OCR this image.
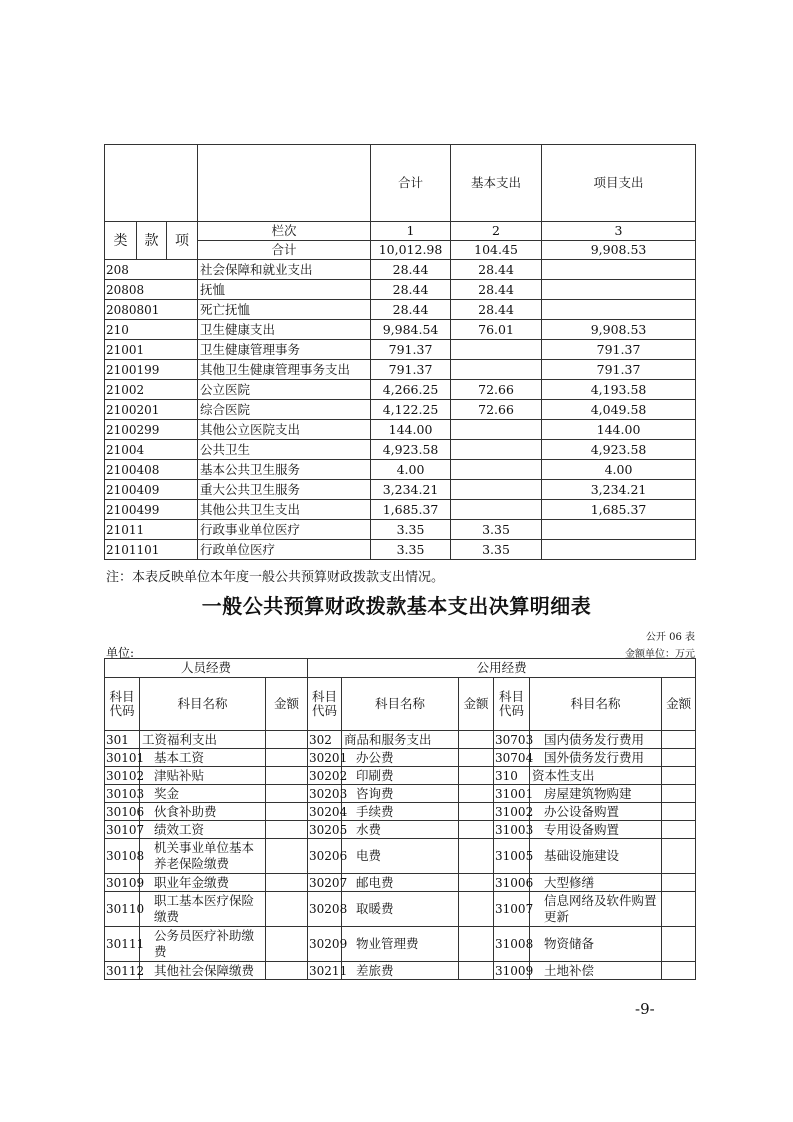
				合计	基本支出	项目支出
类	款	项	栏次	1	2	3
			合计	10,012.98	104.45	9,908.53
208			社会保障和就业支出	28.44	28.44	
20808			抚恤	28.44	28.44	
2080801			死亡抚恤	28.44	28.44	
210			卫生健康支出	9,984.54	76.01	9,908.53
21001			卫生健康管理事务	791.37		791.37
2100199			其他卫生健康管理事务支出	791.37		791.37
21002			公立医院	4,266.25	72.66	4,193.58
2100201			综合医院	4,122.25	72.66	4,049.58
2100299			其他公立医院支出	144.00		144.00
21004			公共卫生	4,923.58		4,923.58
2100408			基本公共卫生服务	4.00		4.00
2100409			重大公共卫生服务	3,234.21		3,234.21
2100499			其他公共卫生支出	1,685.37		1,685.37
21011			行政事业单位医疗	3.35	3.35	
2101101			行政单位医疗	3.35	3.35	
注：本表反映单位本年度一般公共预算财政拨款支出情况。
一般公共预算财政拨款基本支出决算明细表
公开 06 表
单位:	金额单位：万元
人员经费			公用经费					
科目代码	科目名称	金额	科目代码	科目名称	金额	科目代码	科目名称	金额
301	工资福利支出		302	商品和服务支出		30703	国内债务发行费用	
30101	基本工资		30201	办公费		30704	国外债务发行费用	
30102	津贴补贴		30202	印刷费		310	资本性支出	
30103	奖金		30203	咨询费		31001	房屋建筑物购建	
30106	伙食补助费		30204	手续费		31002	办公设备购置	
30107	绩效工资		30205	水费		31003	专用设备购置	
30108	机关事业单位基本养老保险缴费		30206	电费		31005	基础设施建设	
30109	职业年金缴费		30207	邮电费		31006	大型修缮	
30110	职工基本医疗保险缴费		30208	取暖费		31007	信息网络及软件购置更新	
30111	公务员医疗补助缴费		30209	物业管理费		31008	物资储备	
30112	其他社会保障缴费		30211	差旅费		31009	土地补偿	
-9-
